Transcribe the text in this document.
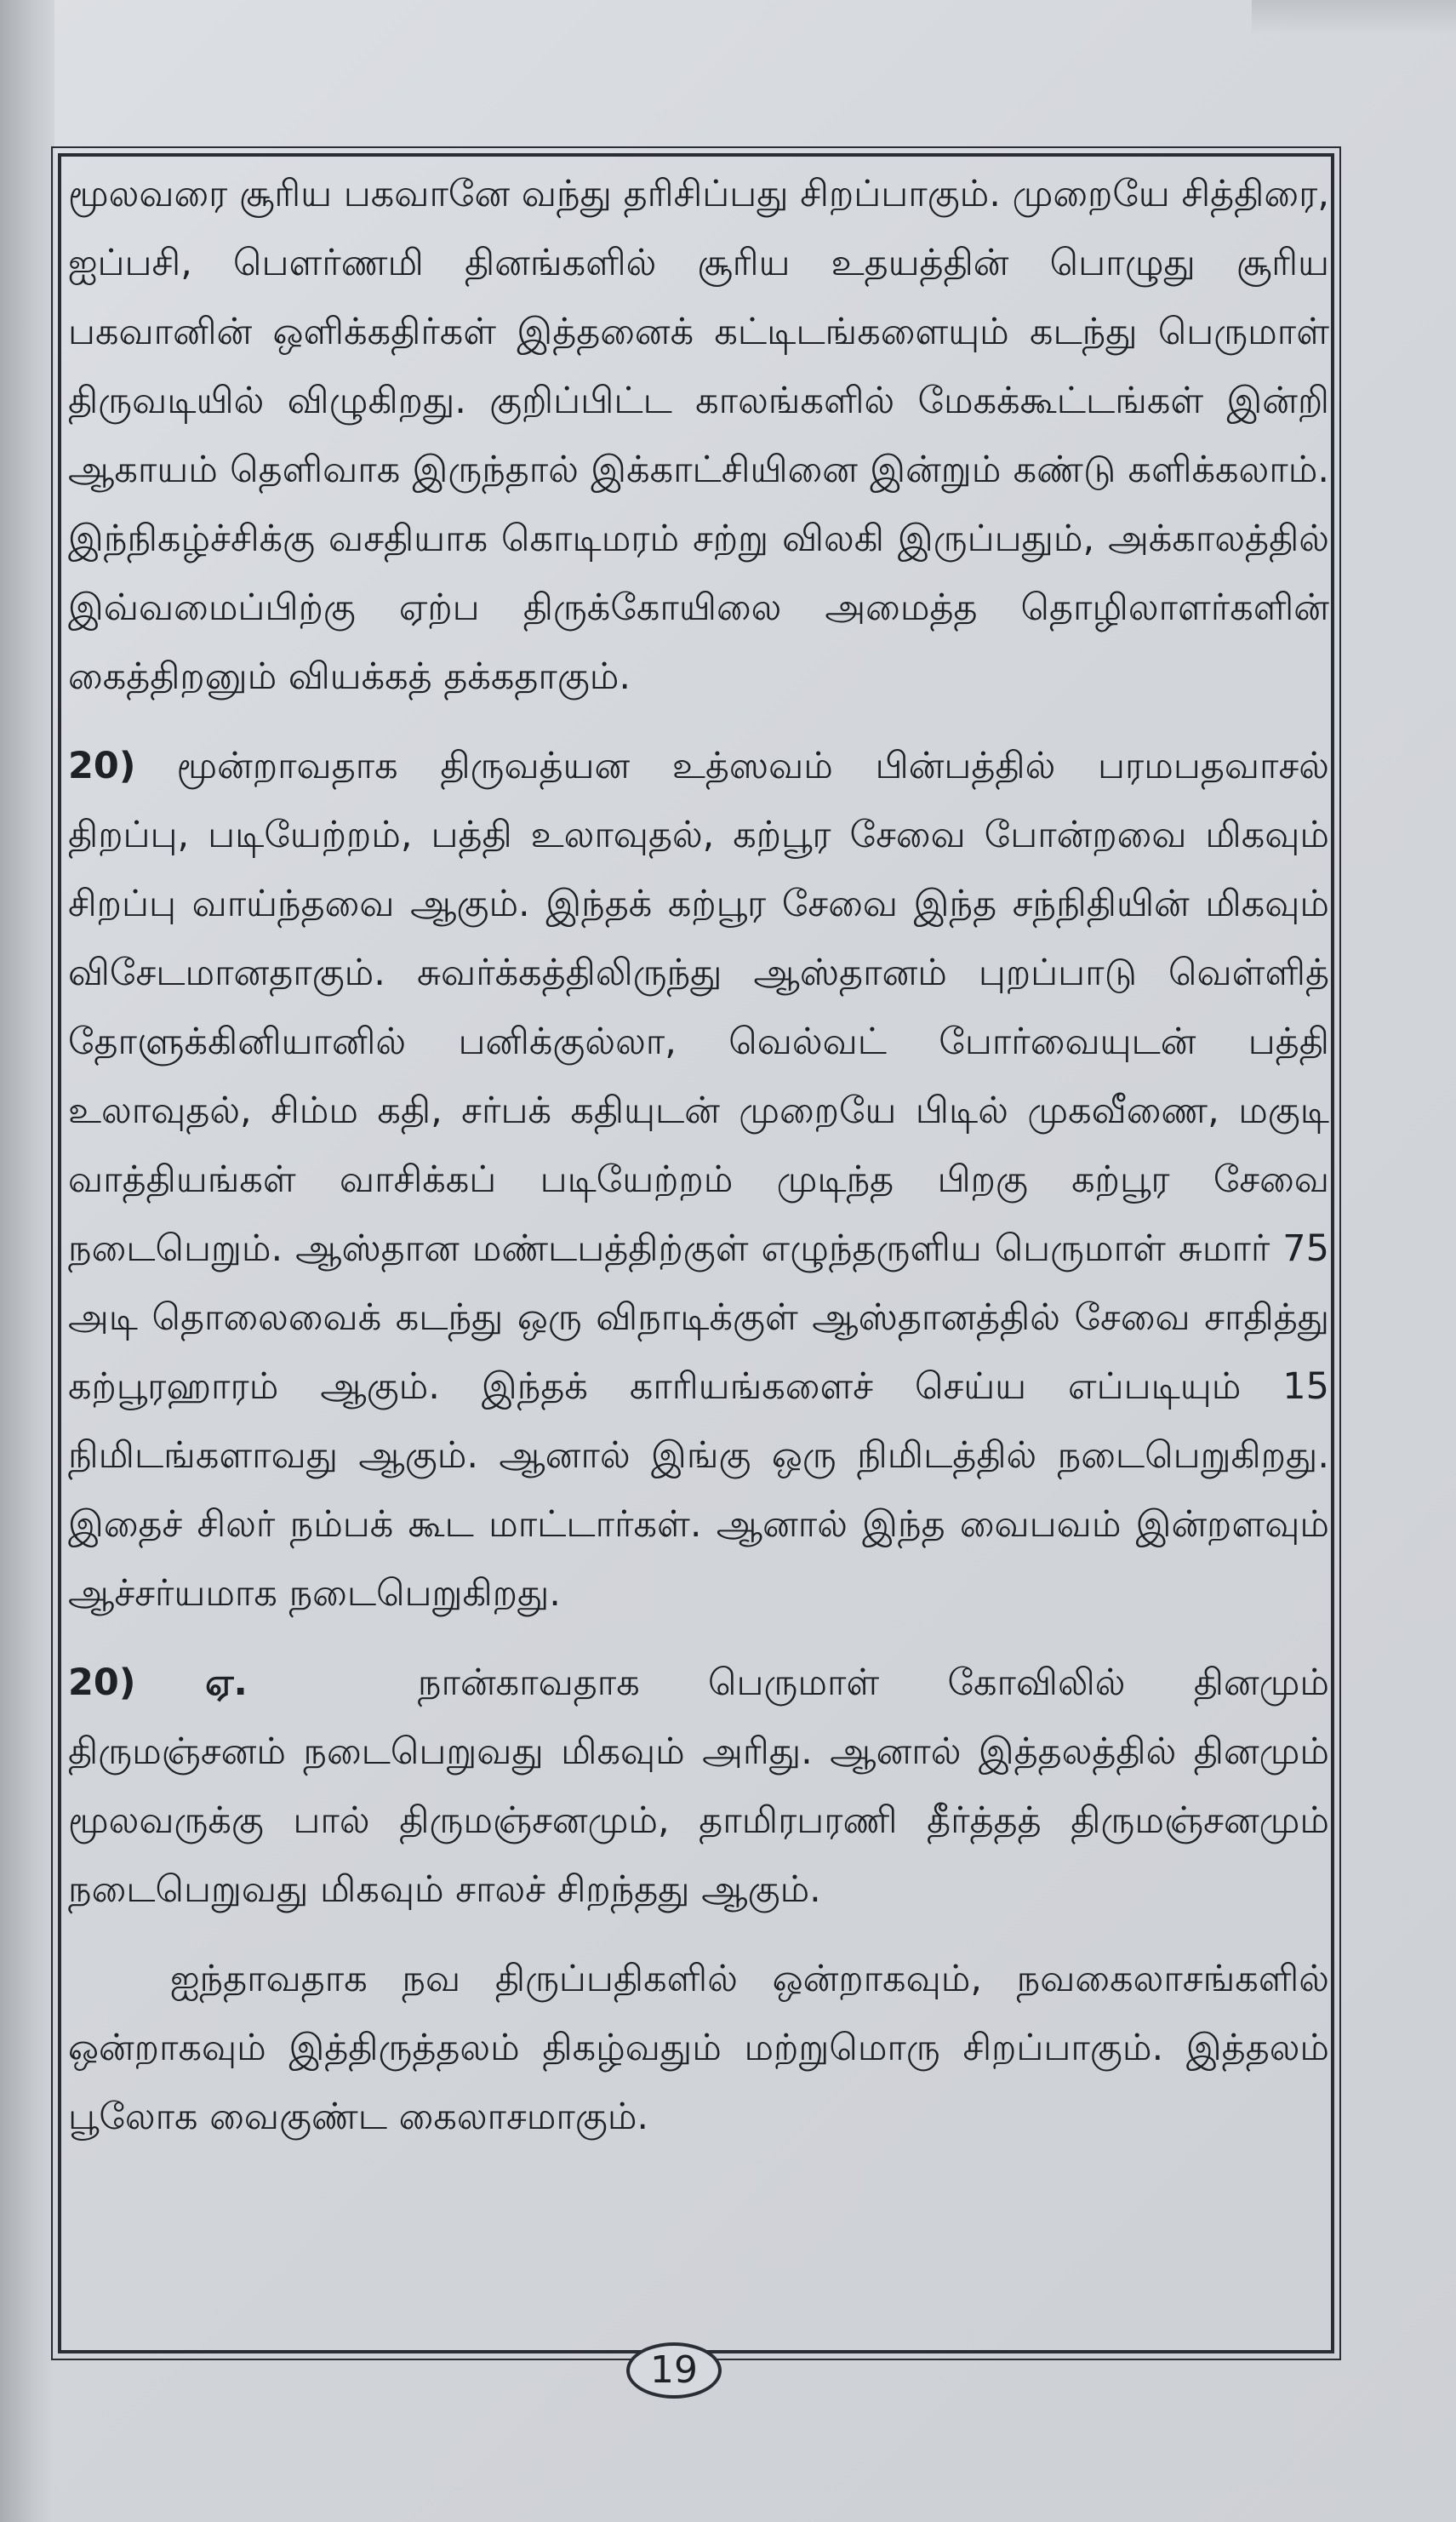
மூலவரை சூரிய பகவானே வந்து தரிசிப்பது சிறப்பாகும். முறையே சித்திரை, ஐப்பசி, பௌர்ணமி தினங்களில் சூரிய உதயத்தின் பொழுது சூரிய பகவானின் ஒளிக்கதிர்கள் இத்தனைக் கட்டிடங்களையும் கடந்து பெருமாள் திருவடியில் விழுகிறது. குறிப்பிட்ட காலங்களில் மேகக்கூட்டங்கள் இன்றி ஆகாயம் தெளிவாக இருந்தால் இக்காட்சியினை இன்றும் கண்டு களிக்கலாம். இந்நிகழ்ச்சிக்கு வசதியாக கொடிமரம் சற்று விலகி இருப்பதும், அக்காலத்தில் இவ்வமைப்பிற்கு ஏற்ப திருக்கோயிலை அமைத்த தொழிலாளர்களின் கைத்திறனும் வியக்கத் தக்கதாகும்.

20) மூன்றாவதாக திருவத்யன உத்ஸவம் பின்பத்தில் பரமபதவாசல் திறப்பு, படியேற்றம், பத்தி உலாவுதல், கற்பூர சேவை போன்றவை மிகவும் சிறப்பு வாய்ந்தவை ஆகும். இந்தக் கற்பூர சேவை இந்த சந்நிதியின் மிகவும் விசேடமானதாகும். சுவர்க்கத்திலிருந்து ஆஸ்தானம் புறப்பாடு வெள்ளித் தோளுக்கினியானில் பனிக்குல்லா, வெல்வட் போர்வையுடன் பத்தி உலாவுதல், சிம்ம கதி, சர்பக் கதியுடன் முறையே பிடில் முகவீணை, மகுடி வாத்தியங்கள் வாசிக்கப் படியேற்றம் முடிந்த பிறகு கற்பூர சேவை நடைபெறும். ஆஸ்தான மண்டபத்திற்குள் எழுந்தருளிய பெருமாள் சுமார் 75 அடி தொலைவைக் கடந்து ஒரு விநாடிக்குள் ஆஸ்தானத்தில் சேவை சாதித்து கற்பூரஹாரம் ஆகும். இந்தக் காரியங்களைச் செய்ய எப்படியும் 15 நிமிடங்களாவது ஆகும். ஆனால் இங்கு ஒரு நிமிடத்தில் நடைபெறுகிறது. இதைச் சிலர் நம்பக் கூட மாட்டார்கள். ஆனால் இந்த வைபவம் இன்றளவும் ஆச்சர்யமாக நடைபெறுகிறது.

20) ஏ.	நான்காவதாக பெருமாள் கோவிலில் தினமும் திருமஞ்சனம் நடைபெறுவது மிகவும் அரிது. ஆனால் இத்தலத்தில் தினமும் மூலவருக்கு பால் திருமஞ்சனமும், தாமிரபரணி தீர்த்தத் திருமஞ்சனமும் நடைபெறுவது மிகவும் சாலச் சிறந்தது ஆகும்.

ஐந்தாவதாக நவ திருப்பதிகளில் ஒன்றாகவும், நவகைலாசங்களில் ஒன்றாகவும் இத்திருத்தலம் திகழ்வதும் மற்றுமொரு சிறப்பாகும். இத்தலம் பூலோக வைகுண்ட கைலாசமாகும்.

19
